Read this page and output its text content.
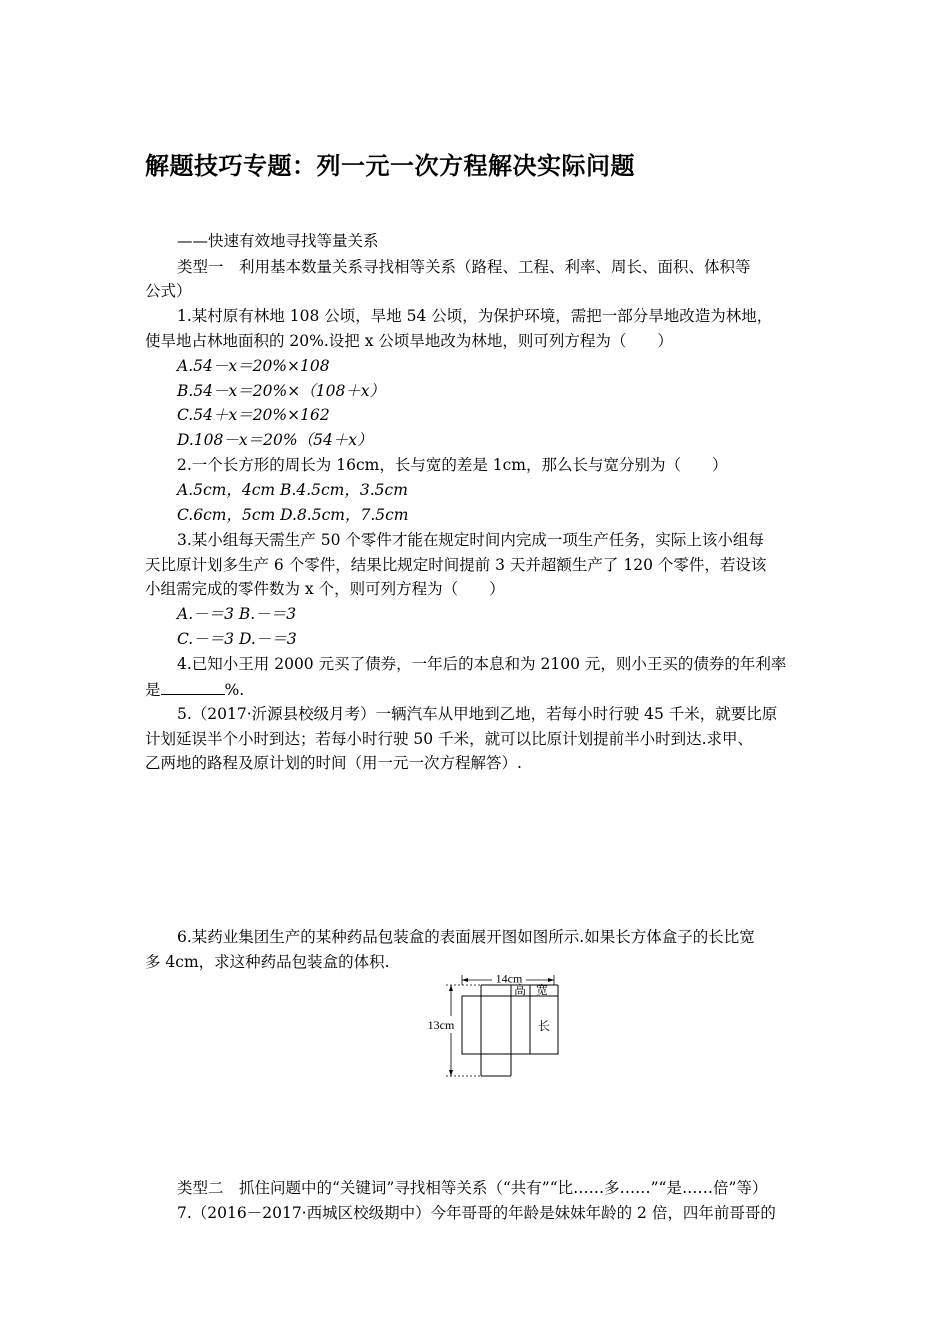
解题技巧专题：列一元一次方程解决实际问题
——快速有效地寻找等量关系
类型一　利用基本数量关系寻找相等关系（路程、工程、利率、周长、面积、体积等
公式）
1.某村原有林地 108 公顷，旱地 54 公顷，为保护环境，需把一部分旱地改造为林地，
使旱地占林地面积的 20%.设把 x 公顷旱地改为林地，则可列方程为（　　）
A.54－x＝20%×108
B.54－x＝20%×（108＋x）
C.54＋x＝20%×162
D.108－x＝20%（54＋x）
2.一个长方形的周长为 16cm，长与宽的差是 1cm，那么长与宽分别为（　　）
A.5cm，4cm B.4.5cm，3.5cm
C.6cm，5cm D.8.5cm，7.5cm
3.某小组每天需生产 50 个零件才能在规定时间内完成一项生产任务，实际上该小组每
天比原计划多生产 6 个零件，结果比规定时间提前 3 天并超额生产了 120 个零件，若设该
小组需完成的零件数为 x 个，则可列方程为（　　）
A.－＝3 B.－＝3
C.－＝3 D.－＝3
4.已知小王用 2000 元买了债券，一年后的本息和为 2100 元，则小王买的债券的年利率
是	%.
5.（2017·沂源县校级月考）一辆汽车从甲地到乙地，若每小时行驶 45 千米，就要比原
计划延误半个小时到达；若每小时行驶 50 千米，就可以比原计划提前半小时到达.求甲、
乙两地的路程及原计划的时间（用一元一次方程解答）.
6.某药业集团生产的某种药品包装盒的表面展开图如图所示.如果长方体盒子的长比宽
多 4cm，求这种药品包装盒的体积.
14cm
13cm
高 宽
长
类型二　抓住问题中的“关键词”寻找相等关系（“共有”“比……多……”“是……倍”等）
7.（2016－2017·西城区校级期中）今年哥哥的年龄是妹妹年龄的 2 倍，四年前哥哥的
